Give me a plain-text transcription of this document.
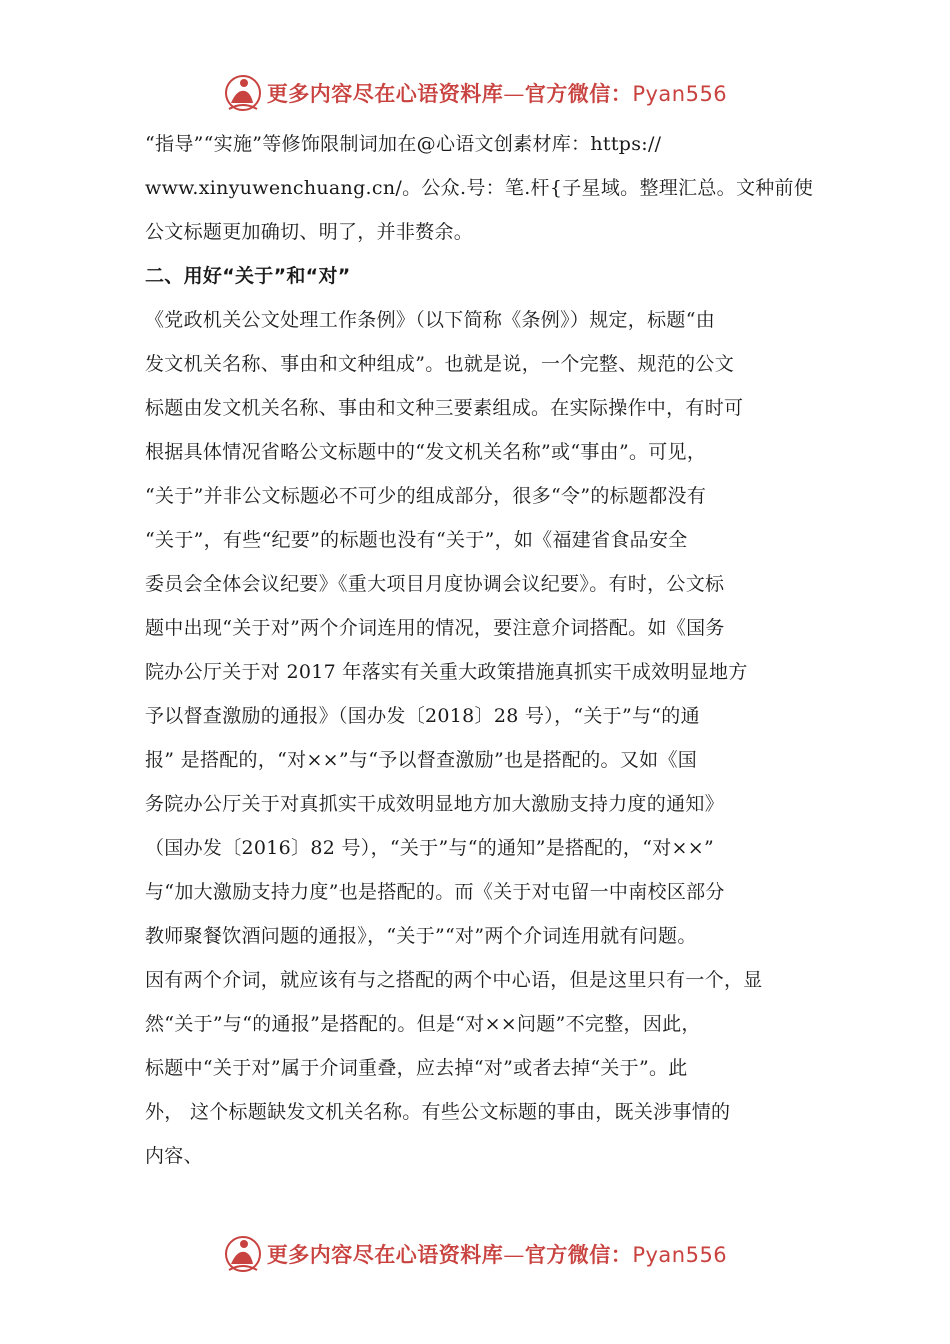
更多内容尽在心语资料库—官方微信：Pyan556
“指导”“实施”等修饰限制词加在@心语文创素材库：https://
www.xinyuwenchuang.cn/。公众.号：笔.杆{子星域。整理汇总。文种前使
公文标题更加确切、明了，并非赘余。
二、用好“关于”和“对”
《党政机关公文处理工作条例》（以下简称《条例》）规定，标题“由
发文机关名称、事由和文种组成”。也就是说，一个完整、规范的公文
标题由发文机关名称、事由和文种三要素组成。在实际操作中，有时可
根据具体情况省略公文标题中的“发文机关名称”或“事由”。可见，
“关于”并非公文标题必不可少的组成部分，很多“令”的标题都没有
“关于”，有些“纪要”的标题也没有“关于”，如《福建省食品安全
委员会全体会议纪要》《重大项目月度协调会议纪要》。有时，公文标
题中出现“关于对”两个介词连用的情况，要注意介词搭配。如《国务
院办公厅关于对 2017 年落实有关重大政策措施真抓实干成效明显地方
予以督查激励的通报》（国办发〔2018〕28 号），“关于”与“的通
报” 是搭配的，“对××”与“予以督查激励”也是搭配的。又如《国
务院办公厅关于对真抓实干成效明显地方加大激励支持力度的通知》
（国办发〔2016〕82 号），“关于”与“的通知”是搭配的，“对××”
与“加大激励支持力度”也是搭配的。而《关于对屯留一中南校区部分
教师聚餐饮酒问题的通报》，“关于”“对”两个介词连用就有问题。
因有两个介词，就应该有与之搭配的两个中心语，但是这里只有一个，显
然“关于”与“的通报”是搭配的。但是“对××问题”不完整，因此，
标题中“关于对”属于介词重叠，应去掉“对”或者去掉“关于”。此
外， 这个标题缺发文机关名称。有些公文标题的事由，既关涉事情的
内容、
更多内容尽在心语资料库—官方微信：Pyan556
